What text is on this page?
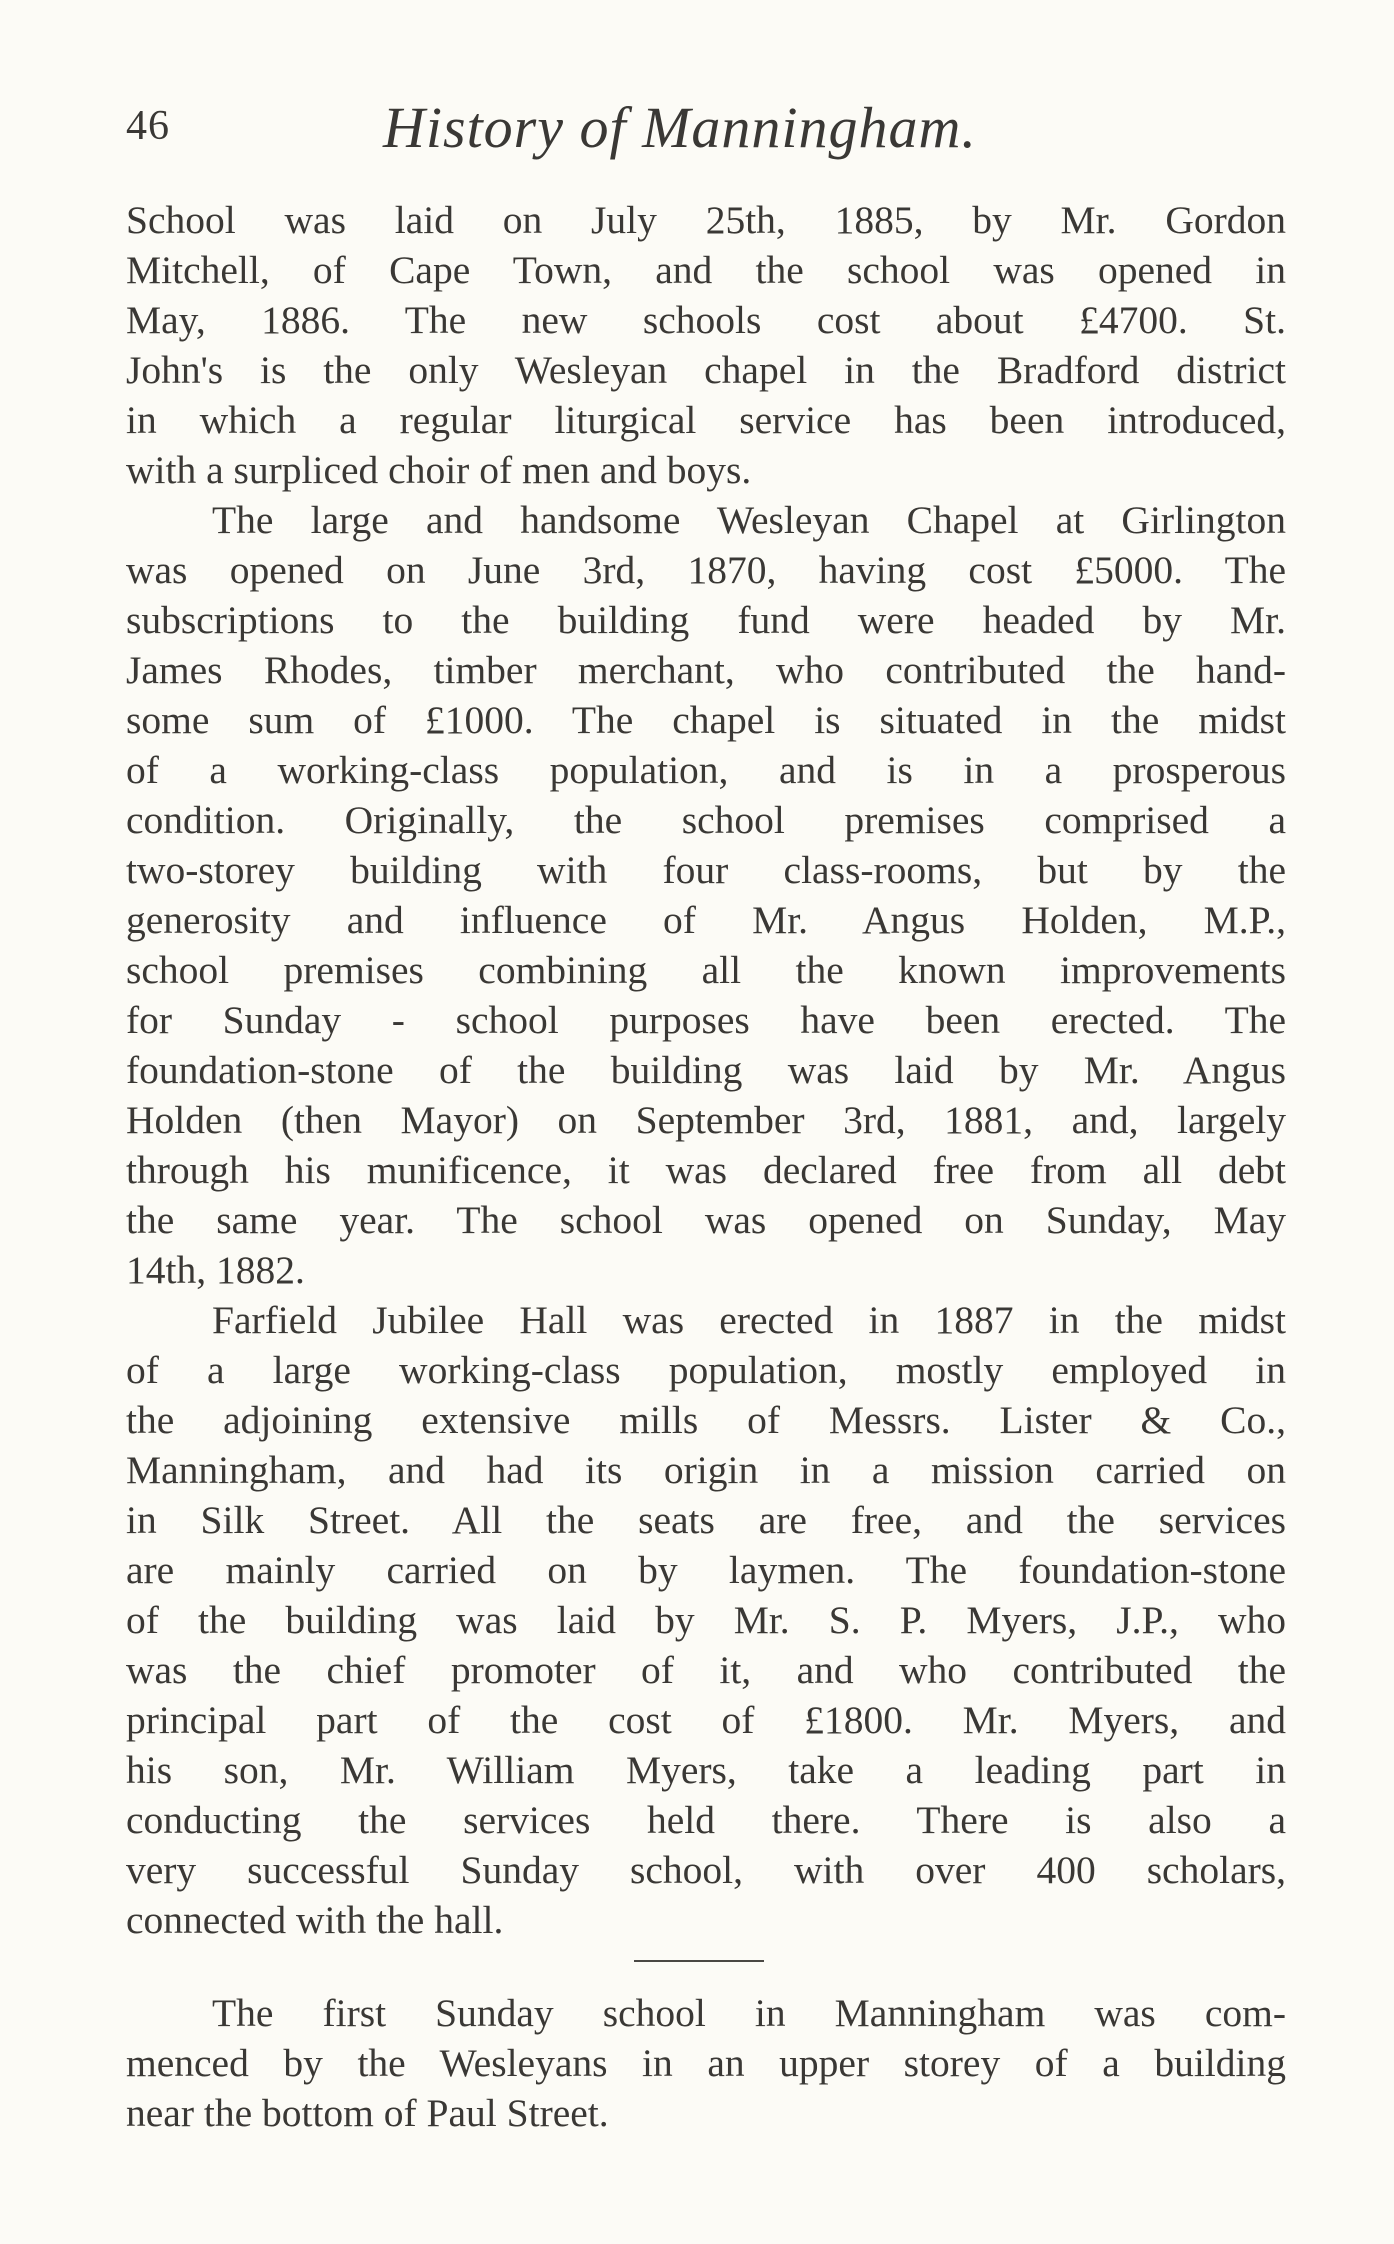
46	History of Manningham.
School was laid on July 25th, 1885, by Mr. Gordon
Mitchell, of Cape Town, and the school was opened in
May, 1886. The new schools cost about £4700. St.
John's is the only Wesleyan chapel in the Bradford district
in which a regular liturgical service has been introduced,
with a surpliced choir of men and boys.
The large and handsome Wesleyan Chapel at Girlington
was opened on June 3rd, 1870, having cost £5000. The
subscriptions to the building fund were headed by Mr.
James Rhodes, timber merchant, who contributed the hand-
some sum of £1000. The chapel is situated in the midst
of a working-class population, and is in a prosperous
condition. Originally, the school premises comprised a
two-storey building with four class-rooms, but by the
generosity and influence of Mr. Angus Holden, M.P.,
school premises combining all the known improvements
for Sunday - school purposes have been erected. The
foundation-stone of the building was laid by Mr. Angus
Holden (then Mayor) on September 3rd, 1881, and, largely
through his munificence, it was declared free from all debt
the same year. The school was opened on Sunday, May
14th, 1882.
Farfield Jubilee Hall was erected in 1887 in the midst
of a large working-class population, mostly employed in
the adjoining extensive mills of Messrs. Lister & Co.,
Manningham, and had its origin in a mission carried on
in Silk Street. All the seats are free, and the services
are mainly carried on by laymen. The foundation-stone
of the building was laid by Mr. S. P. Myers, J.P., who
was the chief promoter of it, and who contributed the
principal part of the cost of £1800. Mr. Myers, and
his son, Mr. William Myers, take a leading part in
conducting the services held there. There is also a
very successful Sunday school, with over 400 scholars,
connected with the hall.
The first Sunday school in Manningham was com-
menced by the Wesleyans in an upper storey of a building
near the bottom of Paul Street.
